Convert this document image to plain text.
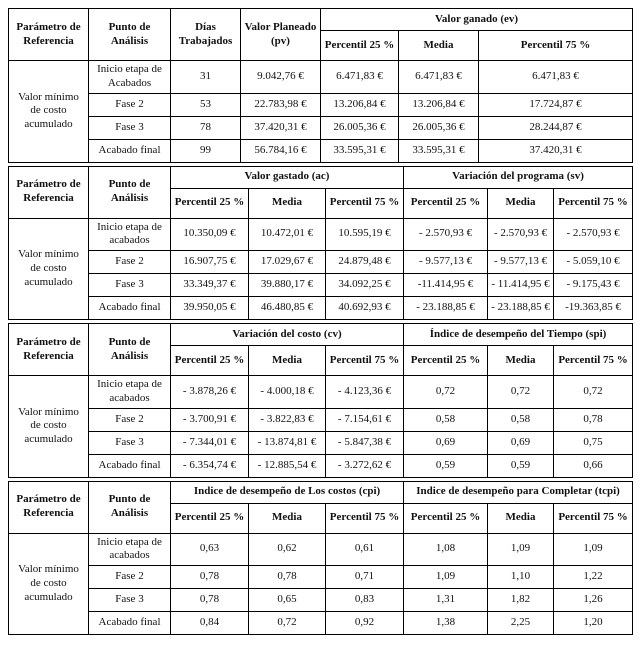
Parámetro de Referencia	Punto de Análisis	Días Trabajados	Valor Planeado (pv)	Valor ganado (ev)		
				Percentil 25 %	Media	Percentil 75 %
Valor mínimo de costo acumulado	Inicio etapa de Acabados	31	9.042,76 €	6.471,83 €	6.471,83 €	6.471,83 €
	Fase 2	53	22.783,98 €	13.206,84 €	13.206,84 €	17.724,87 €
	Fase 3	78	37.420,31 €	26.005,36 €	26.005,36 €	28.244,87 €
	Acabado final	99	56.784,16 €	33.595,31 €	33.595,31 €	37.420,31 €
Parámetro de Referencia	Punto de Análisis	Valor gastado (ac)			Variación del programa (sv)		
		Percentil 25 %	Media	Percentil 75 %	Percentil 25 %	Media	Percentil 75 %
Valor mínimo de costo acumulado	Inicio etapa de acabados	10.350,09 €	10.472,01 €	10.595,19 €	- 2.570,93 €	- 2.570,93 €	- 2.570,93 €
	Fase 2	16.907,75 €	17.029,67 €	24.879,48 €	- 9.577,13 €	- 9.577,13 €	- 5.059,10 €
	Fase 3	33.349,37 €	39.880,17 €	34.092,25 €	-11.414,95 €	- 11.414,95 €	- 9.175,43 €
	Acabado final	39.950,05 €	46.480,85 €	40.692,93 €	- 23.188,85 €	- 23.188,85 €	-19.363,85 €
Parámetro de Referencia	Punto de Análisis	Variación del costo (cv)			Índice de desempeño del Tiempo (spi)		
		Percentil 25 %	Media	Percentil 75 %	Percentil 25 %	Media	Percentil 75 %
Valor mínimo de costo acumulado	Inicio etapa de acabados	- 3.878,26 €	- 4.000,18 €	- 4.123,36 €	0,72	0,72	0,72
	Fase 2	- 3.700,91 €	- 3.822,83 €	- 7.154,61 €	0,58	0,58	0,78
	Fase 3	- 7.344,01 €	- 13.874,81 €	- 5.847,38 €	0,69	0,69	0,75
	Acabado final	- 6.354,74 €	- 12.885,54 €	- 3.272,62 €	0,59	0,59	0,66
Parámetro de Referencia	Punto de Análisis	Indice de desempeño de Los costos (cpi)			Indice de desempeño para Completar (tcpi)		
		Percentil 25 %	Media	Percentil 75 %	Percentil 25 %	Media	Percentil 75 %
Valor mínimo de costo acumulado	Inicio etapa de acabados	0,63	0,62	0,61	1,08	1,09	1,09
	Fase 2	0,78	0,78	0,71	1,09	1,10	1,22
	Fase 3	0,78	0,65	0,83	1,31	1,82	1,26
	Acabado final	0,84	0,72	0,92	1,38	2,25	1,20
